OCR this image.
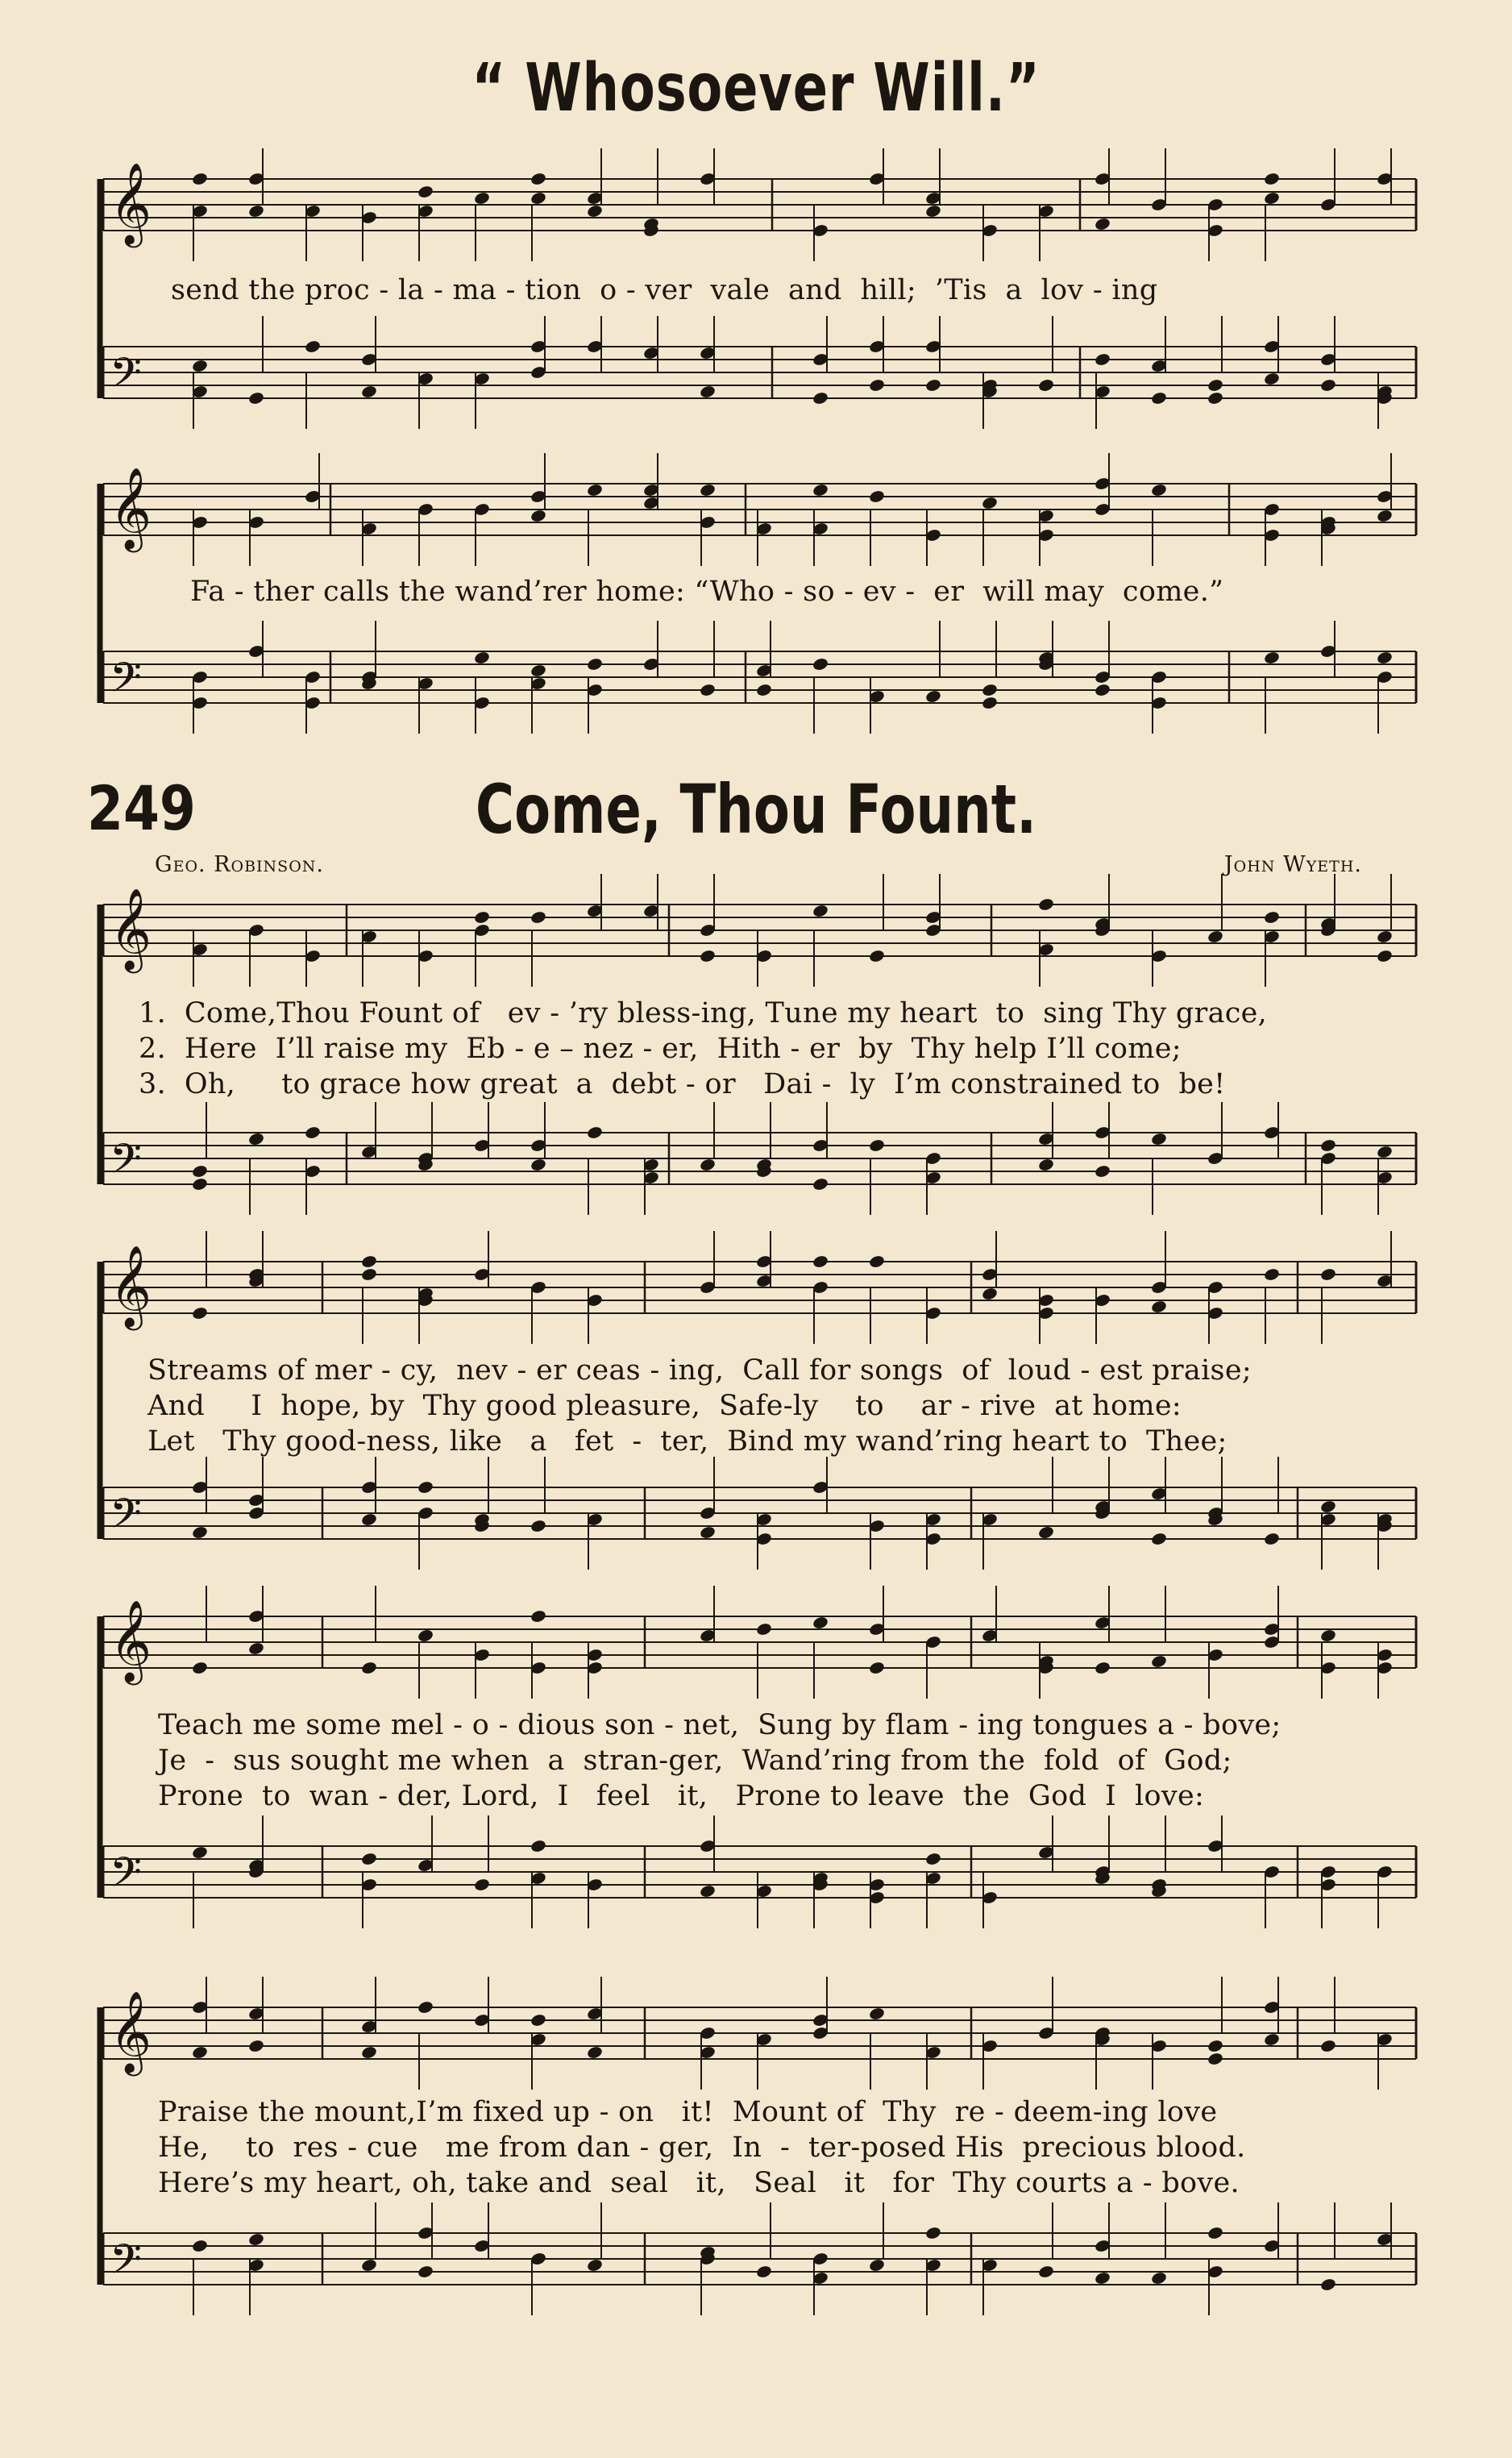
“ Whosoever Will.”
249	Come, Thou Fount.
Geo. Robinson.	John Wyeth.
send the proc - la - ma - tion  o - ver  vale  and  hill;  ’Tis  a  lov - ing
Fa - ther calls the wand’rer home: “Who - so - ev -  er  will may  come.”
1.  Come,Thou Fount of   ev - ’ry bless-ing, Tune my heart  to  sing Thy grace,
2.  Here  I’ll raise my  Eb - e – nez - er,  Hith - er  by  Thy help I’ll come;
3.  Oh,     to grace how great  a  debt - or   Dai -  ly  I’m constrained to  be!
Streams of mer - cy,  nev - er ceas - ing,  Call for songs  of  loud - est praise;
And     I  hope, by  Thy good pleasure,  Safe-ly    to    ar - rive  at home:
Let   Thy good-ness, like   a   fet  -  ter,  Bind my wand’ring heart to  Thee;
Teach me some mel - o - dious son - net,  Sung by flam - ing tongues a - bove;
Je  -  sus sought me when  a  stran-ger,  Wand’ring from the  fold  of  God;
Prone  to  wan - der, Lord,  I   feel   it,   Prone to leave  the  God  I  love:
Praise the mount,I’m fixed up - on   it!  Mount of  Thy  re - deem-ing love
He,    to  res - cue   me from dan - ger,  In  -  ter-posed His  precious blood.
Here’s my heart, oh, take and  seal   it,   Seal   it   for  Thy courts a - bove.
𝄞
𝄢
𝄞
𝄢
𝄞
𝄢
𝄞
𝄢
𝄞
𝄢
𝄞
𝄢
